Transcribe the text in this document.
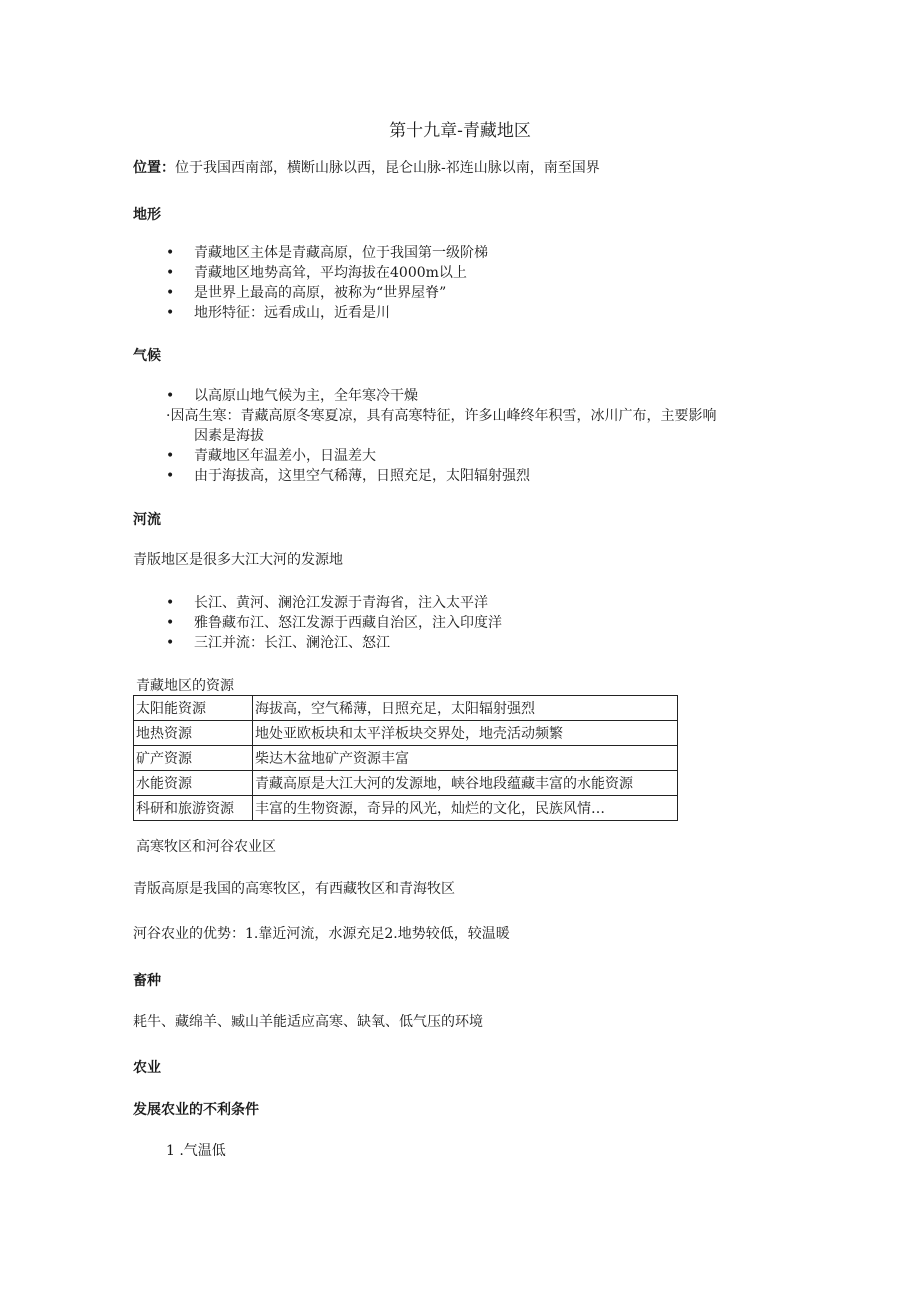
第十九章-青藏地区
位置：位于我国西南部，横断山脉以西，昆仑山脉-祁连山脉以南，南至国界
地形
• 青藏地区主体是青藏高原，位于我国第一级阶梯
• 青藏地区地势高耸，平均海拔在4000m以上
• 是世界上最高的高原，被称为“世界屋脊”
• 地形特征：远看成山，近看是川
气候
• 以高原山地气候为主，全年寒冷干燥
·因高生寒：青藏高原冬寒夏凉，具有高寒特征，许多山峰终年积雪，冰川广布，主要影响
因素是海拔
• 青藏地区年温差小，日温差大
• 由于海拔高，这里空气稀薄，日照充足，太阳辐射强烈
河流
青版地区是很多大江大河的发源地
• 长江、黄河、澜沧江发源于青海省，注入太平洋
• 雅鲁藏布江、怒江发源于西藏自治区，注入印度洋
• 三江并流：长江、澜沧江、怒江
青藏地区的资源
太阳能资源	海拔高，空气稀薄，日照充足，太阳辐射强烈
地热资源	地处亚欧板块和太平洋板块交界处，地壳活动频繁
矿产资源	柴达木盆地矿产资源丰富
水能资源	青藏高原是大江大河的发源地，峡谷地段蕴藏丰富的水能资源
科研和旅游资源	丰富的生物资源，奇异的风光，灿烂的文化，民族风情…
高寒牧区和河谷农业区
青版高原是我国的高寒牧区，有西藏牧区和青海牧区
河谷农业的优势：1.靠近河流，水源充足2.地势较低，较温暖
畜种
耗牛、藏绵羊、臧山羊能适应高寒、缺氧、低气压的环境
农业
发展农业的不利条件
1 .气温低
